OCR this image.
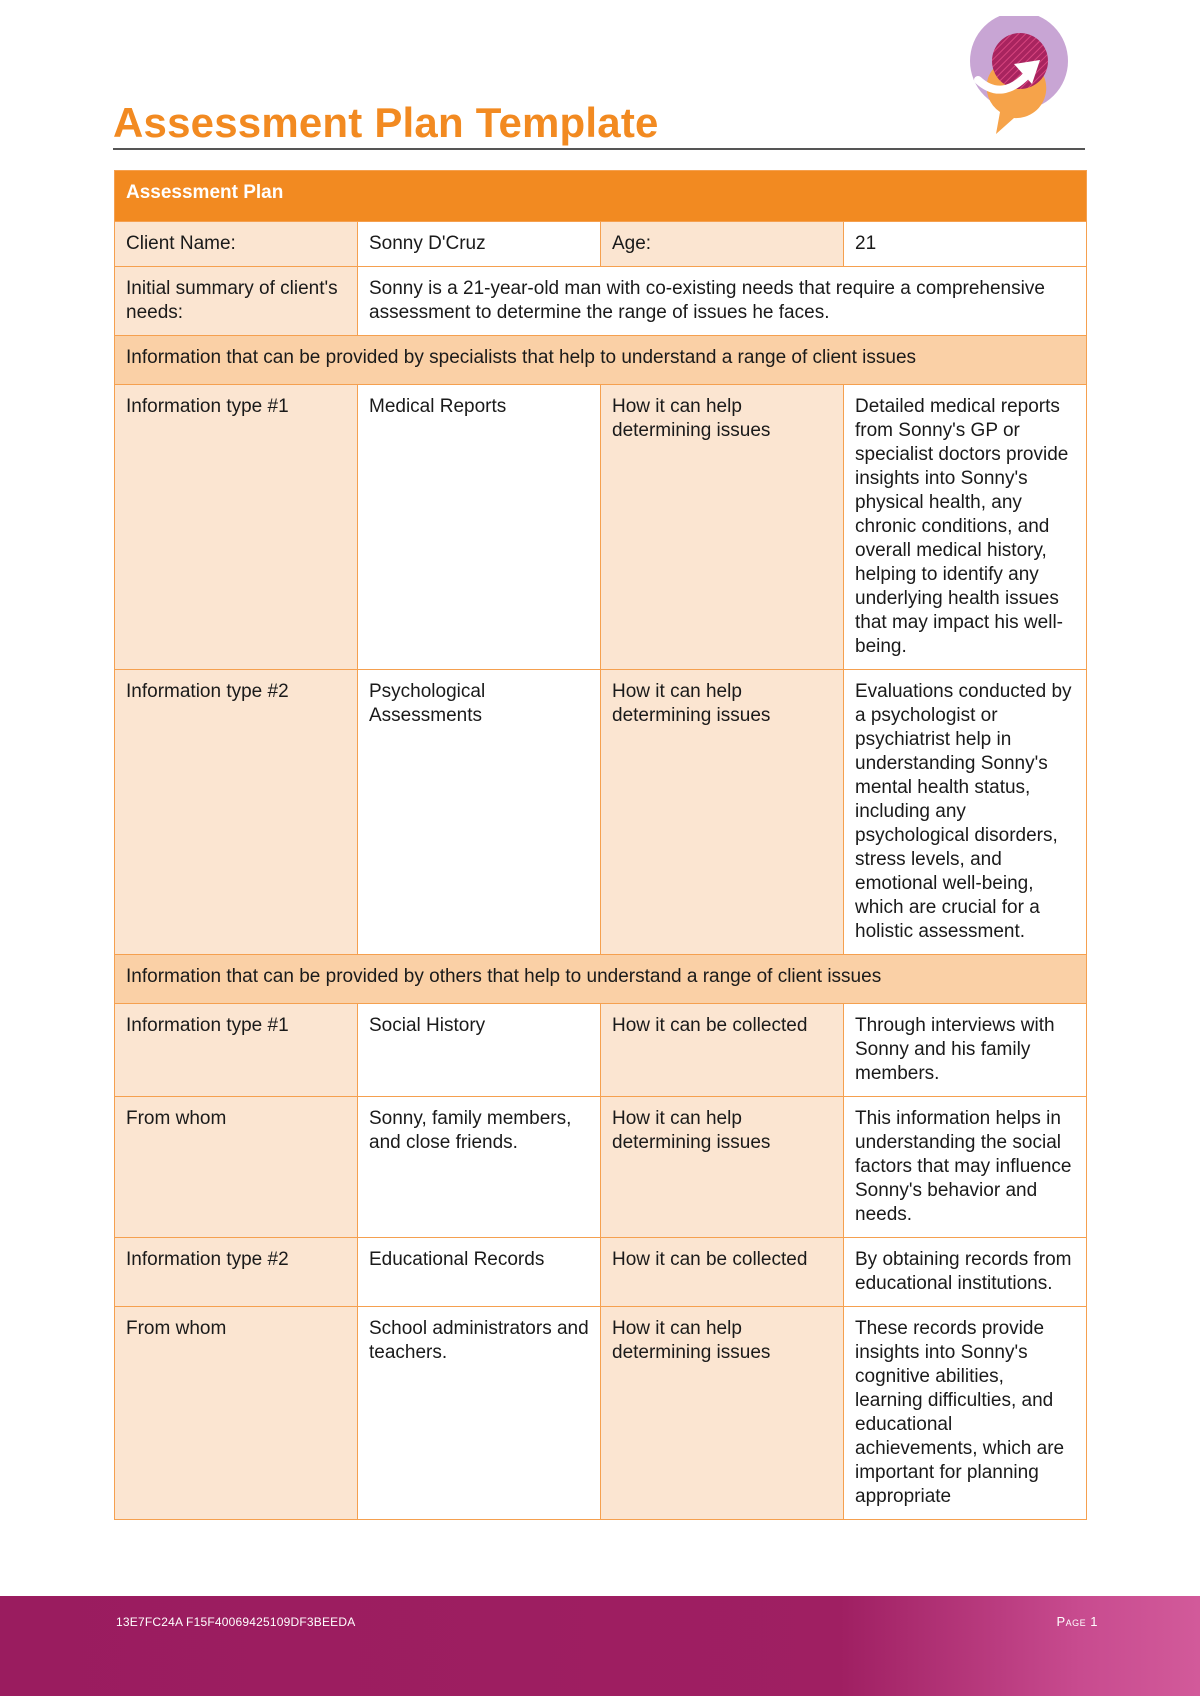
Assessment Plan Template
Assessment Plan			
Client Name:	Sonny D'Cruz	Age:	21
Initial summary of client's needs:	Sonny is a 21-year-old man with co-existing needs that require a comprehensive assessment to determine the range of issues he faces.		
Information that can be provided by specialists that help to understand a range of client issues			
Information type #1	Medical Reports	How it can help determining issues	Detailed medical reports from Sonny's GP or specialist doctors provide insights into Sonny's physical health, any chronic conditions, and overall medical history, helping to identify any underlying health issues that may impact his well-being.
Information type #2	Psychological Assessments	How it can help determining issues	Evaluations conducted by a psychologist or psychiatrist help in understanding Sonny's mental health status, including any psychological disorders, stress levels, and emotional well-being, which are crucial for a holistic assessment.
Information that can be provided by others that help to understand a range of client issues			
Information type #1	Social History	How it can be collected	Through interviews with Sonny and his family members.
From whom	Sonny, family members, and close friends.	How it can help determining issues	This information helps in understanding the social factors that may influence Sonny's behavior and needs.
Information type #2	Educational Records	How it can be collected	By obtaining records from educational institutions.
From whom	School administrators and teachers.	How it can help determining issues	These records provide insights into Sonny's cognitive abilities, learning difficulties, and educational achievements, which are important for planning appropriate
13E7FC24A F15F40069425109DF3BEEDA	Page 1
